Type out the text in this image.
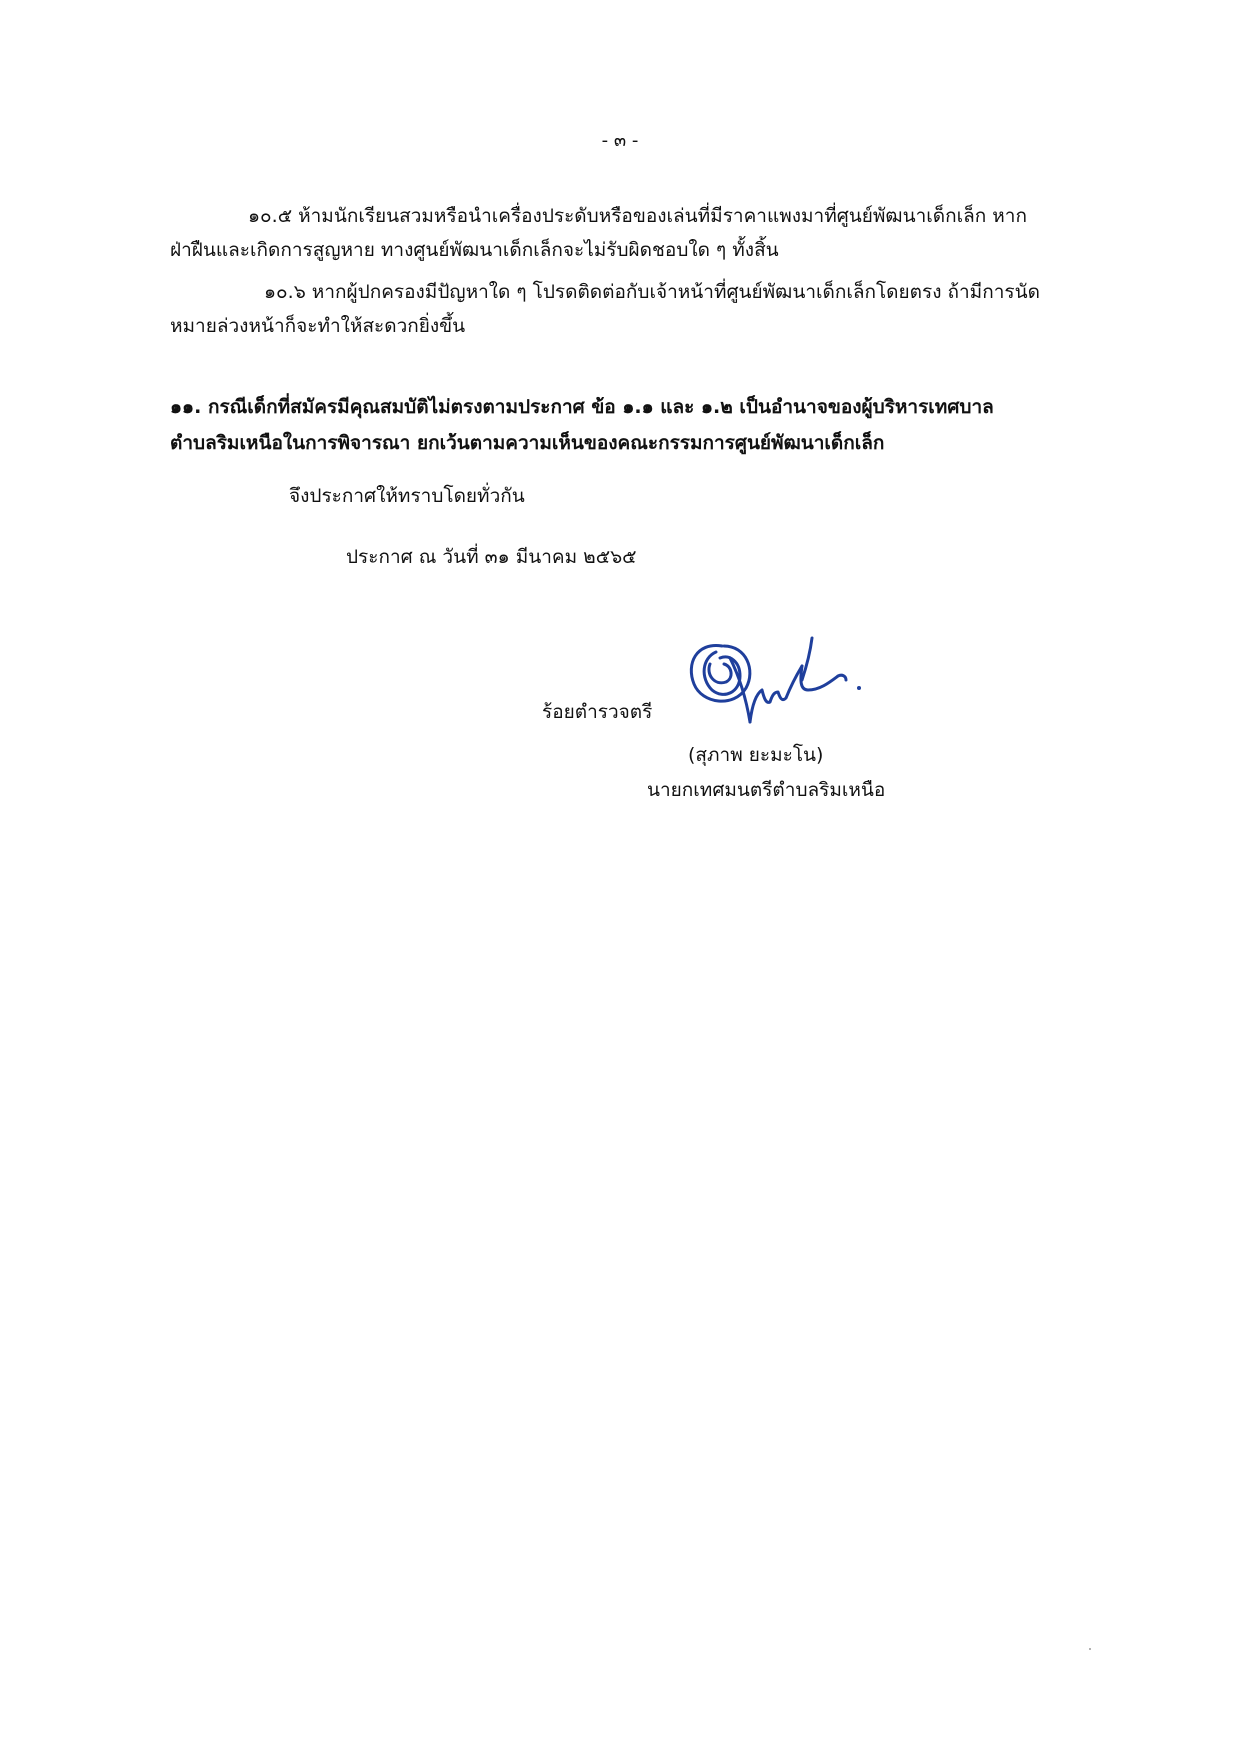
- ๓ -
๑๐.๕ ห้ามนักเรียนสวมหรือนำเครื่องประดับหรือของเล่นที่มีราคาแพงมาที่ศูนย์พัฒนาเด็กเล็ก หาก
ฝ่าฝืนและเกิดการสูญหาย ทางศูนย์พัฒนาเด็กเล็กจะไม่รับผิดชอบใด ๆ ทั้งสิ้น
๑๐.๖ หากผู้ปกครองมีปัญหาใด ๆ โปรดติดต่อกับเจ้าหน้าที่ศูนย์พัฒนาเด็กเล็กโดยตรง ถ้ามีการนัด
หมายล่วงหน้าก็จะทำให้สะดวกยิ่งขึ้น
๑๑. กรณีเด็กที่สมัครมีคุณสมบัติไม่ตรงตามประกาศ ข้อ ๑.๑ และ ๑.๒ เป็นอำนาจของผู้บริหารเทศบาล
ตำบลริมเหนือในการพิจารณา ยกเว้นตามความเห็นของคณะกรรมการศูนย์พัฒนาเด็กเล็ก
จึงประกาศให้ทราบโดยทั่วกัน
ประกาศ ณ วันที่ ๓๑ มีนาคม ๒๕๖๕
ร้อยตำรวจตรี
(สุภาพ ยะมะโน)
นายกเทศมนตรีตำบลริมเหนือ
